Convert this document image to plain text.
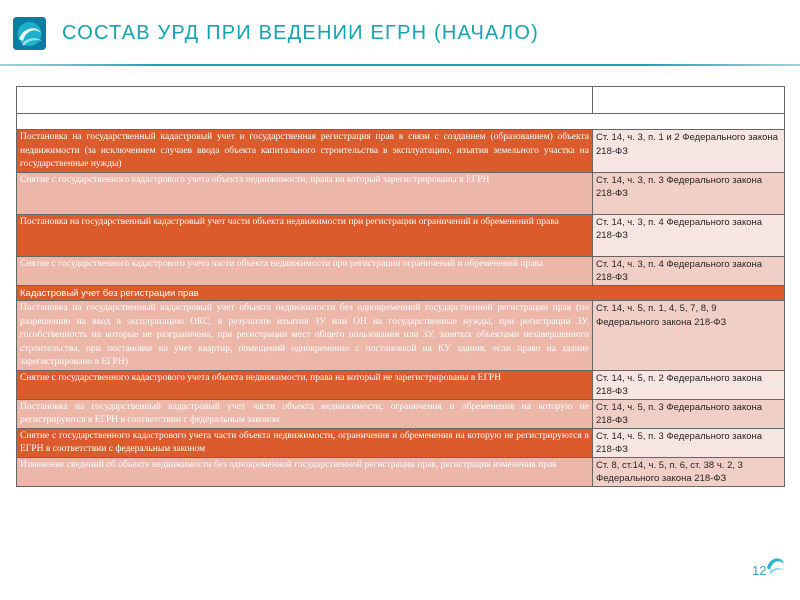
СОСТАВ УРД ПРИ ВЕДЕНИИ ЕГРН (НАЧАЛО)

Постановка на государственный кадастровый учет и государственная регистрация прав в связи с созданием (образованием) объекта недвижимости (за исключением случаев ввода объекта капитального строительства в эксплуатацию, изъятия земельного участка на государственные нужды)	Ст. 14, ч. 3, п. 1 и 2 Федерального закона 218-ФЗ
Снятие с государственного кадастрового учета объекта недвижимости, права на который зарегистрированы в ЕГРН	Ст. 14, ч. 3, п. 3 Федерального закона 218-ФЗ
Постановка на государственный кадастровый учет части объекта недвижимости при регистрации ограничений и обременений права	Ст. 14, ч. 3, п. 4 Федерального закона 218-ФЗ
Снятие с государственного кадастрового учета части объекта недвижимости при регистрации ограничений и обременений права	Ст. 14, ч. 3, п. 4 Федерального закона 218-ФЗ
Кадастровый учет без регистрации прав	
Постановка на государственный кадастровый учет объекта недвижимости без одновременной государственной регистрации прав (по разрешению на ввод в эксплуатацию ОКС, в результате изъятия ЗУ или ОН на государственные нужды, при регистрации ЗУ, гособственность на которые не разграничена, при регистрации мест общего пользования или ЗУ, занятых объектами незавершенного строительства, при постановке на учет квартир, помещений одновременно с постановкой на КУ здания, если право на здание зарегистрировано в ЕГРН)	Ст. 14, ч. 5, п. 1, 4, 5, 7, 8, 9 Федерального закона 218-ФЗ
Снятие с государственного кадастрового учета объекта недвижимости, права на который не зарегистрированы в ЕГРН	Ст. 14, ч. 5, п. 2 Федерального закона 218-ФЗ
Постановка на государственный кадастровый учет части объекта недвижимости, ограничения и обременения на которую не регистрируются в ЕГРН в соответствии с федеральным законом	Ст. 14, ч. 5, п. 3 Федерального закона 218-ФЗ
Снятие с государственного кадастрового учета части объекта недвижимости, ограничения и обременения на которую не регистрируются в ЕГРН в соответствии с федеральным законом	Ст. 14, ч. 5, п. 3 Федерального закона 218-ФЗ
Изменение сведений об объекте недвижимости без одновременной государственной регистрации прав, регистрация изменения прав	Ст. 8, ст.14, ч. 5, п. 6, ст. 38 ч. 2, 3 Федерального закона 218-ФЗ
12
